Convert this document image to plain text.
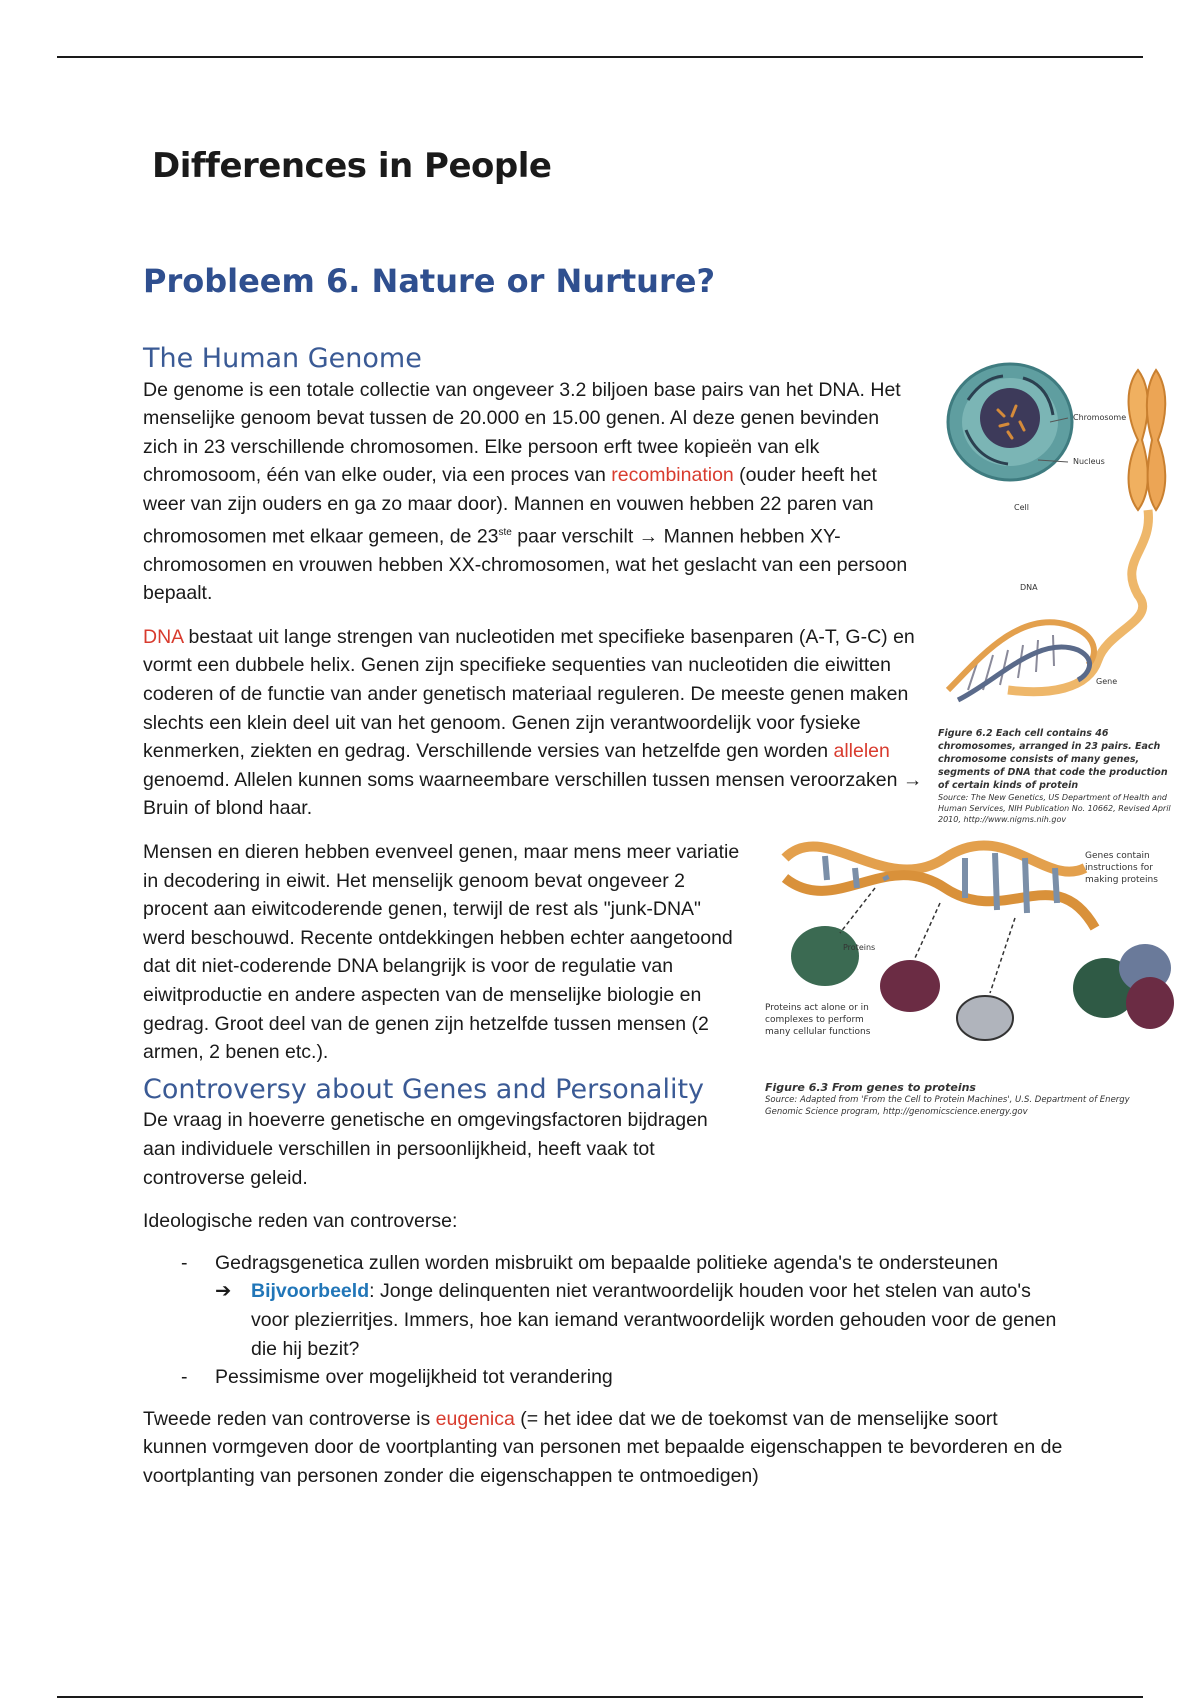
Differences in People
Probleem 6. Nature or Nurture?
The Human Genome

De genome is een totale collectie van ongeveer 3.2 biljoen base pairs van het DNA. Het menselijke genoom bevat tussen de 20.000 en 15.00 genen. Al deze genen bevinden zich in 23 verschillende chromosomen. Elke persoon erft twee kopieën van elk chromosoom, één van elke ouder, via een proces van recombination (ouder heeft het weer van zijn ouders en ga zo maar door). Mannen en vouwen hebben 22 paren van chromosomen met elkaar gemeen, de 23ste paar verschilt → Mannen hebben XY-chromosomen en vrouwen hebben XX-chromosomen, wat het geslacht van een persoon bepaalt.

DNA bestaat uit lange strengen van nucleotiden met specifieke basenparen (A-T, G-C) en vormt een dubbele helix. Genen zijn specifieke sequenties van nucleotiden die eiwitten coderen of de functie van ander genetisch materiaal reguleren. De meeste genen maken slechts een klein deel uit van het genoom. Genen zijn verantwoordelijk voor fysieke kenmerken, ziekten en gedrag. Verschillende versies van hetzelfde gen worden allelen genoemd. Allelen kunnen soms waarneembare verschillen tussen mensen veroorzaken → Bruin of blond haar.

Mensen en dieren hebben evenveel genen, maar mens meer variatie in decodering in eiwit. Het menselijk genoom bevat ongeveer 2 procent aan eiwitcoderende genen, terwijl de rest als "junk-DNA" werd beschouwd. Recente ontdekkingen hebben echter aangetoond dat dit niet-coderende DNA belangrijk is voor de regulatie van eiwitproductie en andere aspecten van de menselijke biologie en gedrag. Groot deel van de genen zijn hetzelfde tussen mensen (2 armen, 2 benen etc.).

Controversy about Genes and Personality

De vraag in hoeverre genetische en omgevingsfactoren bijdragen aan individuele verschillen in persoonlijkheid, heeft vaak tot controverse geleid.

Ideologische reden van controverse:

- Gedragsgenetica zullen worden misbruikt om bepaalde politieke agenda's te ondersteunen
➔ Bijvoorbeeld: Jonge delinquenten niet verantwoordelijk houden voor het stelen van auto's voor plezierritjes. Immers, hoe kan iemand verantwoordelijk worden gehouden voor de genen die hij bezit?
- Pessimisme over mogelijkheid tot verandering

Tweede reden van controverse is eugenica (= het idee dat we de toekomst van de menselijke soort kunnen vormgeven door de voortplanting van personen met bepaalde eigenschappen te bevorderen en de voortplanting van personen zonder die eigenschappen te ontmoedigen)

Chromosome
Nucleus
Cell
DNA
Gene
Figure 6.2 Each cell contains 46 chromosomes, arranged in 23 pairs. Each chromosome consists of many genes, segments of DNA that code the production of certain kinds of protein
Source: The New Genetics, US Department of Health and Human Services, NIH Publication No. 10662, Revised April 2010, http://www.nigms.nih.gov
Proteins
Genes contain instructions for making proteins
Proteins act alone or in complexes to perform many cellular functions
Figure 6.3 From genes to proteins
Source: Adapted from 'From the Cell to Protein Machines', U.S. Department of Energy Genomic Science program, http://genomicscience.energy.gov
